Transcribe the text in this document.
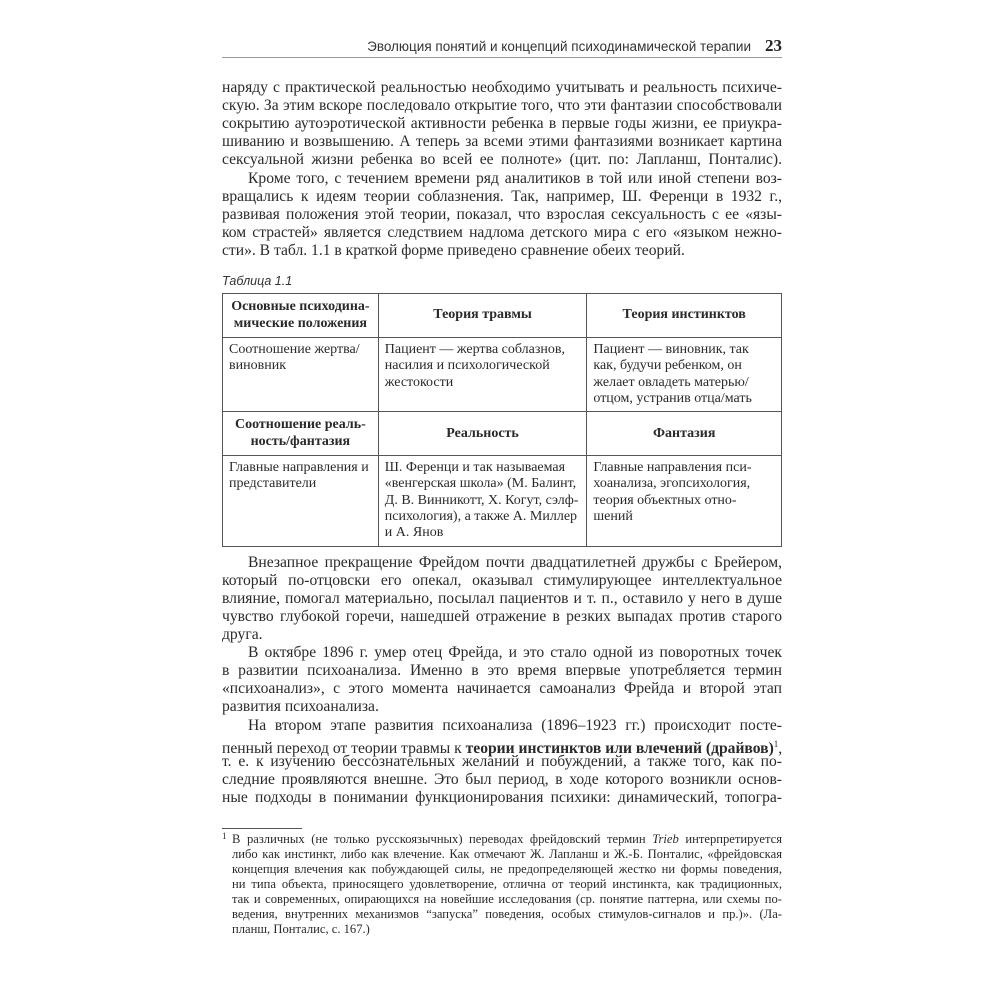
Эволюция понятий и концепций психодинамической терапии 23
наряду с практической реальностью необходимо учитывать и реальность психиче-
скую. За этим вскоре последовало открытие того, что эти фантазии способствовали
сокрытию аутоэротической активности ребенка в первые годы жизни, ее приукра-
шиванию и возвышению. А теперь за всеми этими фантазиями возникает картина
сексуальной жизни ребенка во всей ее полноте» (цит. по: Лапланш, Понталис).
Кроме того, с течением времени ряд аналитиков в той или иной степени воз-
вращались к идеям теории соблазнения. Так, например, Ш. Ференци в 1932 г.,
развивая положения этой теории, показал, что взрослая сексуальность с ее «язы-
ком страстей» является следствием надлома детского мира с его «языком нежно-
сти». В табл. 1.1 в краткой форме приведено сравнение обеих теорий.
Таблица 1.1
Основные психодина-мические положения	Теория травмы	Теория инстинктов
Соотношение жертва/ виновник	Пациент — жертва соблазнов, насилия и психологической жестокости	Пациент — виновник, так как, будучи ребенком, он желает овладеть матерью/ отцом, устранив отца/мать
Соотношение реаль-ность/фантазия	Реальность	Фантазия
Главные направления и представители	Ш. Ференци и так называемая «венгерская школа» (М. Балинт, Д. В. Винникотт, Х. Когут, сэлф-психология), а также А. Миллер и А. Янов	Главные направления пси-хоанализа, эгопсихология, теория объектных отно-шений
Внезапное прекращение Фрейдом почти двадцатилетней дружбы с Брейером,
который по-отцовски его опекал, оказывал стимулирующее интеллектуальное
влияние, помогал материально, посылал пациентов и т. п., оставило у него в душе
чувство глубокой горечи, нашедшей отражение в резких выпадах против старого
друга.
В октябре 1896 г. умер отец Фрейда, и это стало одной из поворотных точек
в развитии психоанализа. Именно в это время впервые употребляется термин
«психоанализ», с этого момента начинается самоанализ Фрейда и второй этап
развития психоанализа.
На втором этапе развития психоанализа (1896–1923 гг.) происходит посте-
пенный переход от теории травмы к теории инстинктов или влечений (драйвов)$^1$,
т. е. к изучению бессознательных желаний и побуждений, а также того, как по-
следние проявляются внешне. Это был период, в ходе которого возникли основ-
ные подходы в понимании функционирования психики: динамический, топогра-
1 В различных (не только русскоязычных) переводах фрейдовский термин Trieb интерпретируется
либо как инстинкт, либо как влечение. Как отмечают Ж. Лапланш и Ж.-Б. Понталис, «фрейдовская
концепция влечения как побуждающей силы, не предопределяющей жестко ни формы поведения,
ни типа объекта, приносящего удовлетворение, отлична от теорий инстинкта, как традиционных,
так и современных, опирающихся на новейшие исследования (ср. понятие паттерна, или схемы по-
ведения, внутренних механизмов “запуска” поведения, особых стимулов-сигналов и пр.)». (Ла-
планш, Понталис, с. 167.)
